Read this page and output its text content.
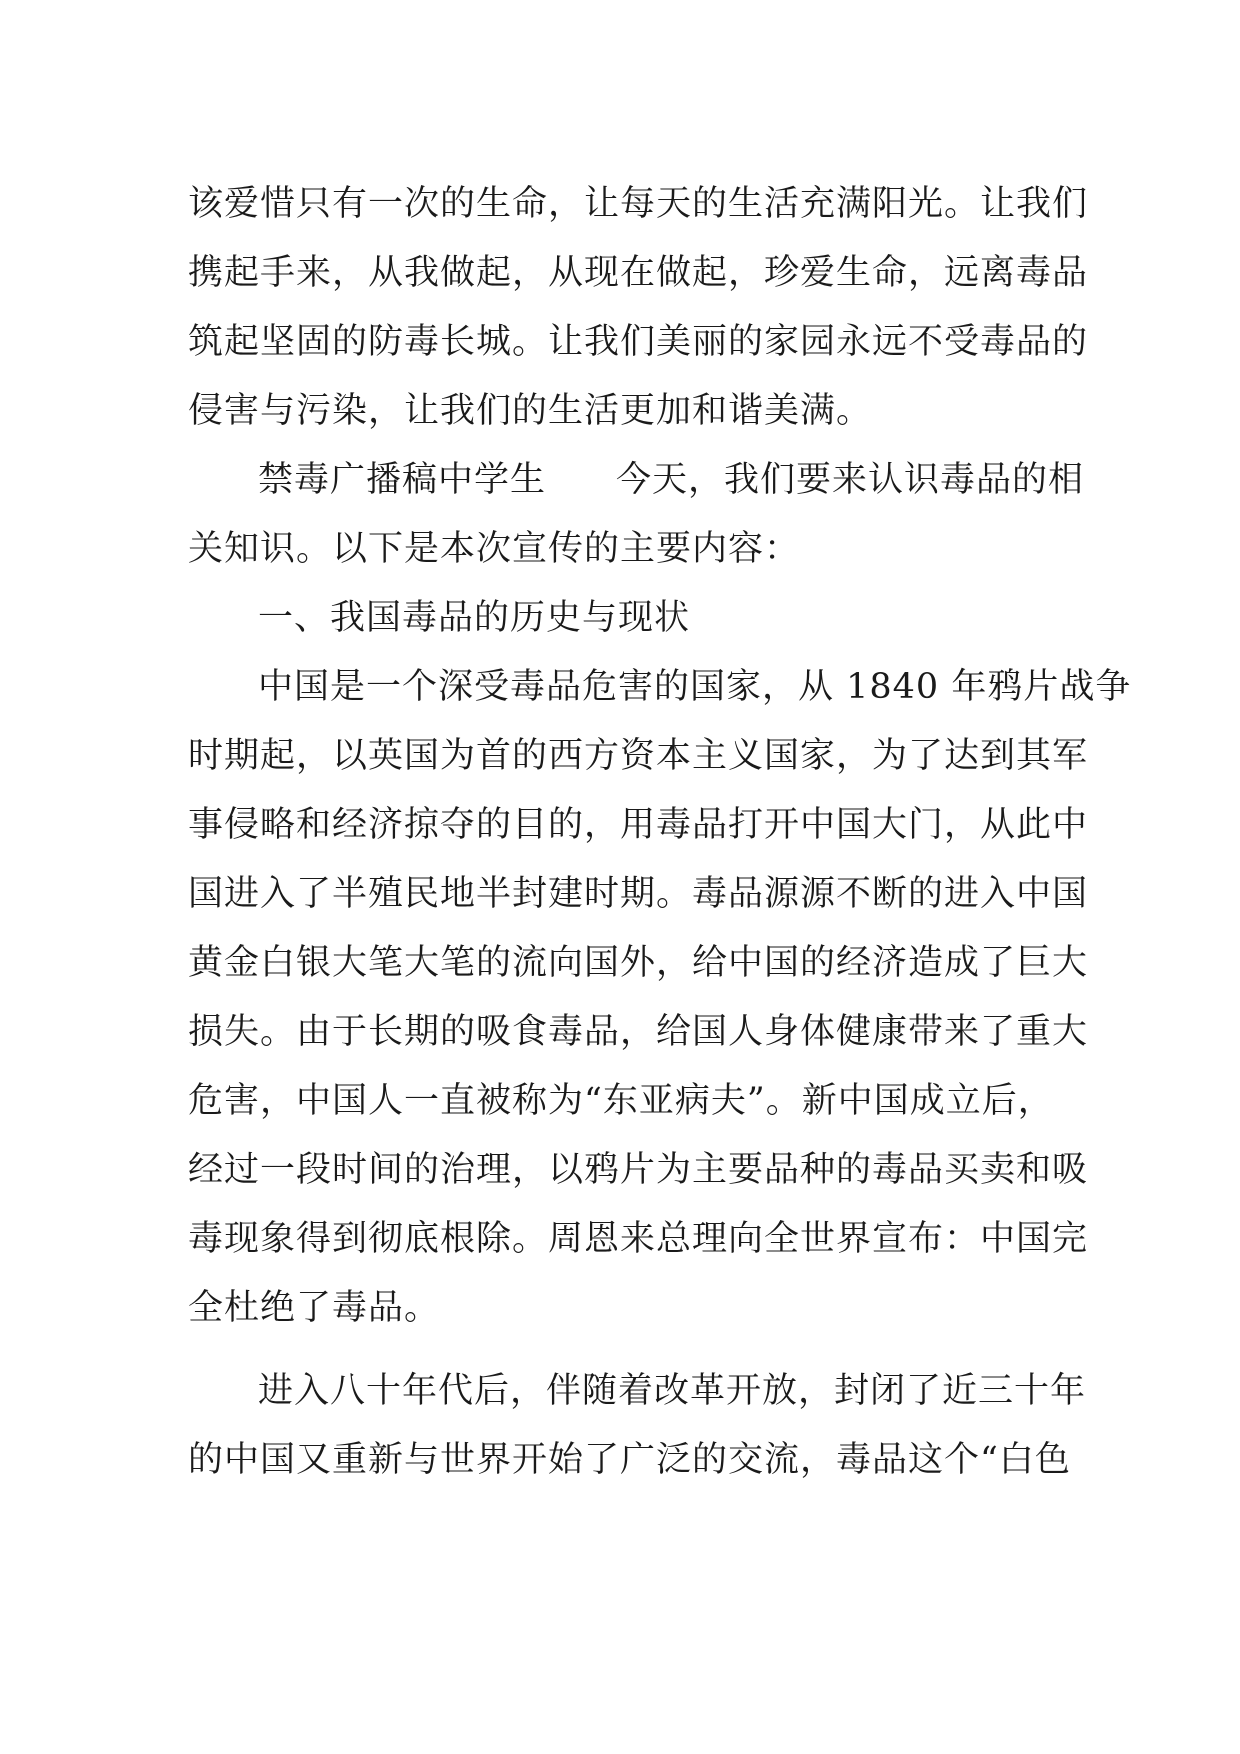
该爱惜只有一次的生命，让每天的生活充满阳光。让我们
携起手来，从我做起，从现在做起，珍爱生命，远离毒品
筑起坚固的防毒长城。让我们美丽的家园永远不受毒品的
侵害与污染，让我们的生活更加和谐美满。
禁毒广播稿中学生 今天，我们要来认识毒品的相
关知识。以下是本次宣传的主要内容：
一、我国毒品的历史与现状
中国是一个深受毒品危害的国家，从 1840 年鸦片战争
时期起，以英国为首的西方资本主义国家，为了达到其军
事侵略和经济掠夺的目的，用毒品打开中国大门，从此中
国进入了半殖民地半封建时期。毒品源源不断的进入中国
黄金白银大笔大笔的流向国外，给中国的经济造成了巨大
损失。由于长期的吸食毒品，给国人身体健康带来了重大
危害，中国人一直被称为“东亚病夫”。新中国成立后，
经过一段时间的治理，以鸦片为主要品种的毒品买卖和吸
毒现象得到彻底根除。周恩来总理向全世界宣布：中国完
全杜绝了毒品。
进入八十年代后，伴随着改革开放，封闭了近三十年
的中国又重新与世界开始了广泛的交流，毒品这个“白色
